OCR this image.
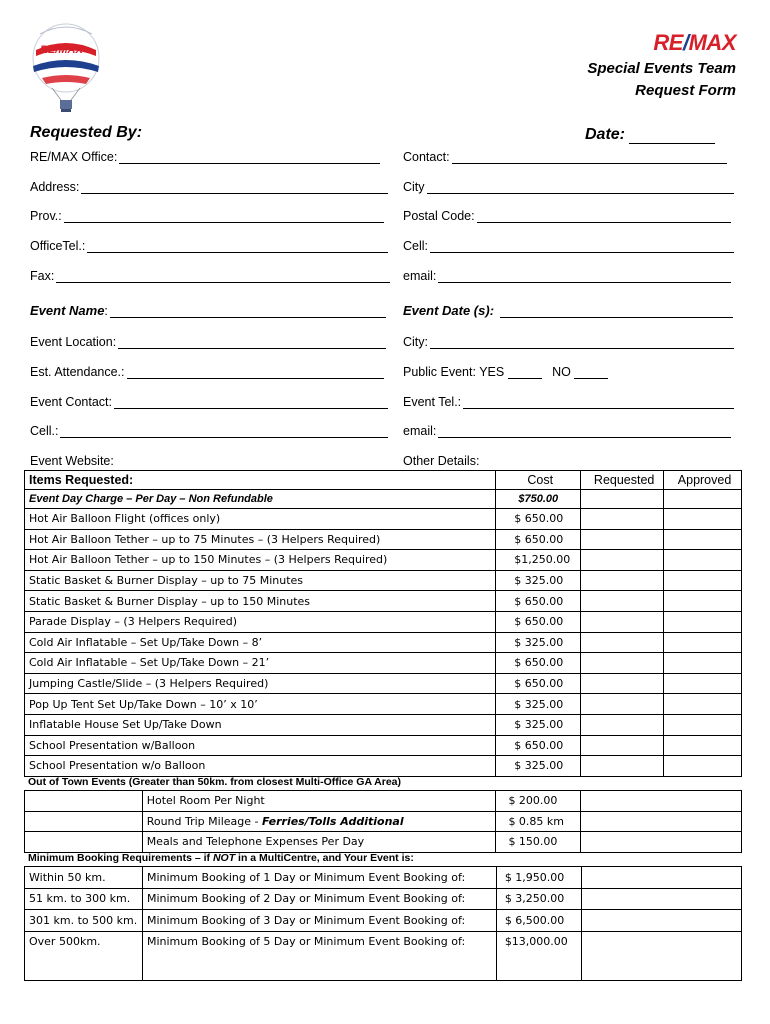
RE/MAX	RE/MAX
Special Events Team
Request Form
Requested By:	Date:
RE/MAX Office:	Contact:
Address:	City
Prov.:	Postal Code:
OfficeTel.:	Cell:
Fax:	email:
Event Name :	Event Date (s):
Event Location:	City:
Est. Attendance.:	Public Event: YES	NO
Event Contact:	Event Tel.:
Cell.:	email:
Event Website:	Other Details:
Items Requested:	Cost	Requested	Approved
Event Day Charge – Per Day – Non Refundable	$750.00		
Hot Air Balloon Flight (offices only)	$ 650.00		
Hot Air Balloon Tether – up to 75 Minutes – (3 Helpers Required)	$ 650.00		
Hot Air Balloon Tether – up to 150 Minutes – (3 Helpers Required)	$1,250.00		
Static Basket & Burner Display – up to 75 Minutes	$ 325.00		
Static Basket & Burner Display – up to 150 Minutes	$ 650.00		
Parade Display – (3 Helpers Required)	$ 650.00		
Cold Air Inflatable – Set Up/Take Down – 8’	$ 325.00		
Cold Air Inflatable – Set Up/Take Down – 21’	$ 650.00		
Jumping Castle/Slide – (3 Helpers Required)	$ 650.00		
Pop Up Tent Set Up/Take Down – 10’ x 10’	$ 325.00		
Inflatable House Set Up/Take Down	$ 325.00		
School Presentation w/Balloon	$ 650.00		
School Presentation w/o Balloon	$ 325.00		
Out of Town Events (Greater than 50km. from closest Multi-Office GA Area)
	Hotel Room Per Night	$ 200.00	
	Round Trip Mileage - Ferries/Tolls Additional	$ 0.85 km	
	Meals and Telephone Expenses Per Day	$ 150.00	
Minimum Booking Requirements – if NOT in a MultiCentre, and Your Event is:
Within 50 km.	Minimum Booking of 1 Day or Minimum Event Booking of:	$ 1,950.00	
51 km. to 300 km.	Minimum Booking of 2 Day or Minimum Event Booking of:	$ 3,250.00	
301 km. to 500 km.	Minimum Booking of 3 Day or Minimum Event Booking of:	$ 6,500.00	
Over 500km.	Minimum Booking of 5 Day or Minimum Event Booking of:	$13,000.00	
